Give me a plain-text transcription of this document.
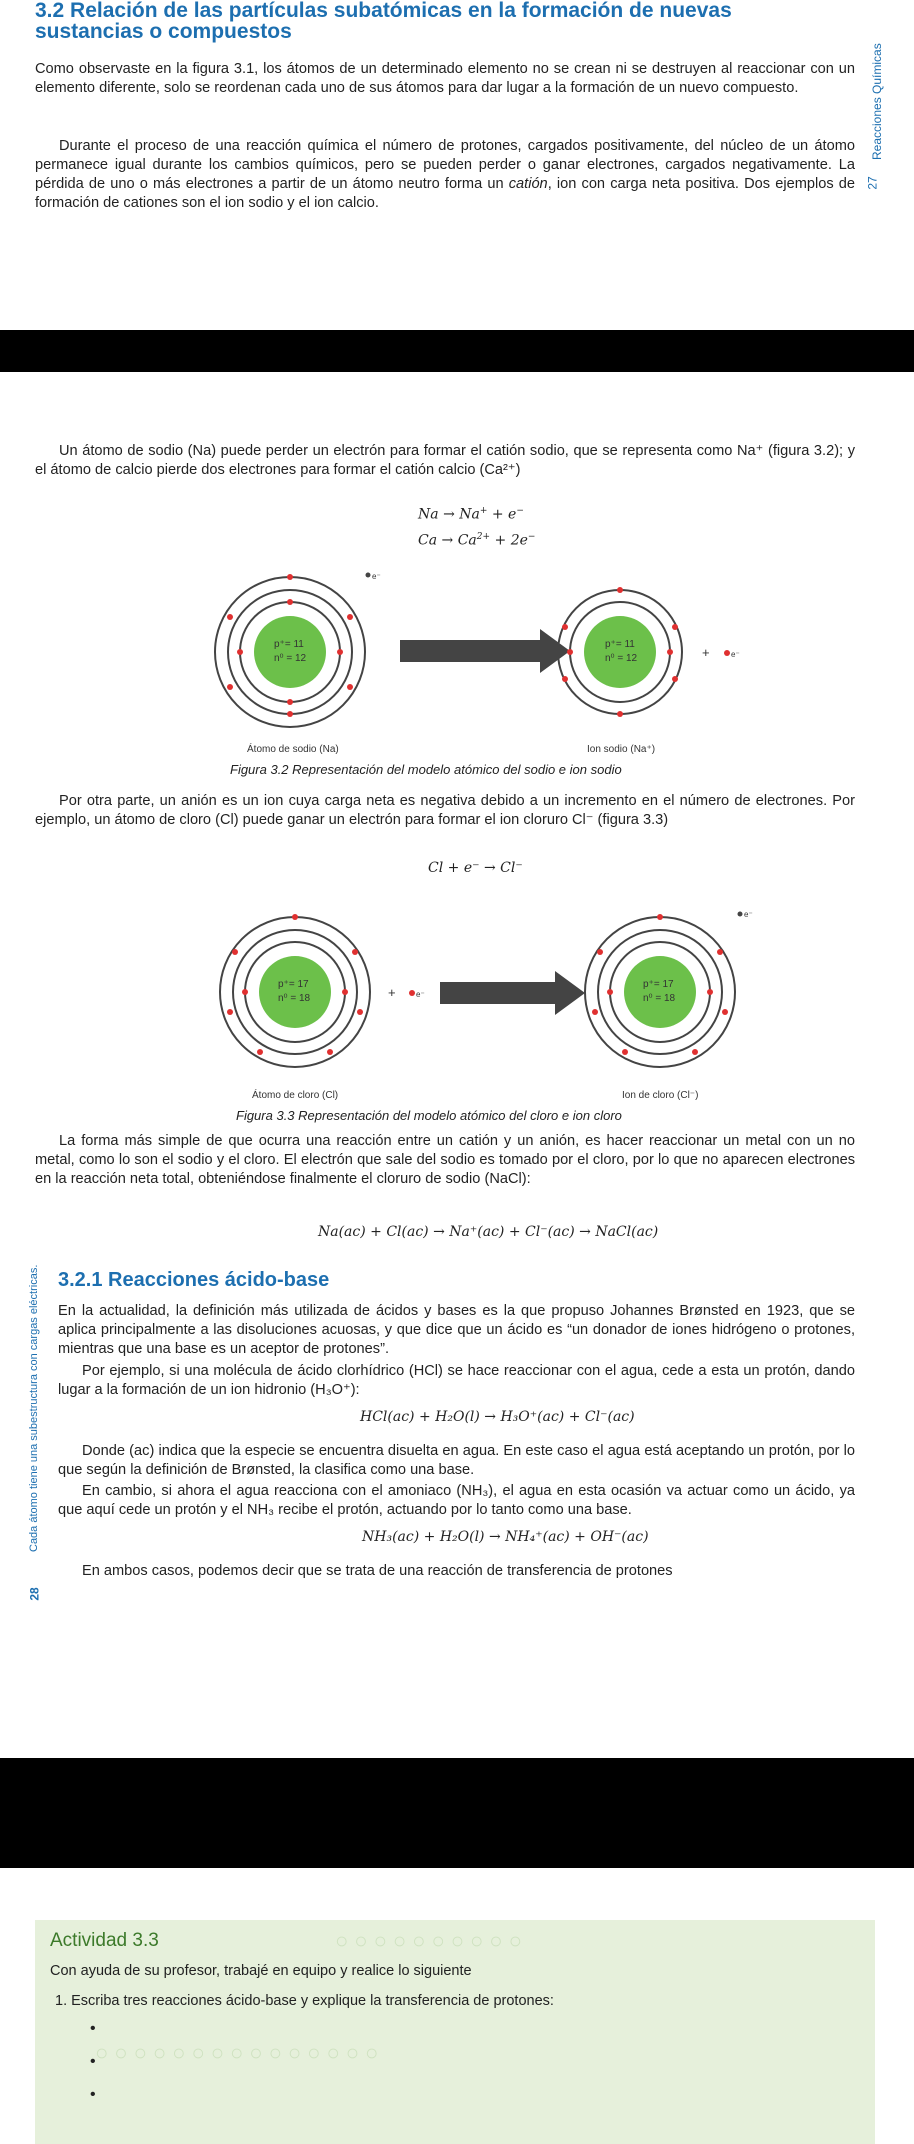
3.2 Relación de las partículas subatómicas en la formación de nuevas
sustancias o compuestos

Como observaste en la figura 3.1, los átomos de un determinado elemento no se crean ni se destruyen al reaccionar con un elemento diferente, solo se reordenan cada uno de sus átomos para dar lugar a la formación de un nuevo compuesto.

Durante el proceso de una reacción química el número de protones, cargados positivamente, del núcleo de un átomo permanece igual durante los cambios químicos, pero se pueden perder o ganar electrones, cargados negativamente. La pérdida de uno o más electrones a partir de un átomo neutro forma un catión, ion con carga neta positiva. Dos ejemplos de formación de cationes son el ion sodio y el ion calcio.

Reacciones Químicas
27

Un átomo de sodio (Na) puede perder un electrón para formar el catión sodio, que se representa como Na⁺ (figura 3.2); y el átomo de calcio pierde dos electrones para formar el catión calcio (Ca²⁺)

Na → Na+ + e−
$Ca \to Ca^{2+} + 2e^-$
p⁺= 11
n⁰ = 12
e⁻
p⁺= 11
n⁰ = 12	+	e⁻
Átomo de sodio (Na)	Ion sodio (Na⁺)
Figura 3.2 Representación del modelo atómico del sodio e ion sodio

Por otra parte, un anión es un ion cuya carga neta es negativa debido a un incremento en el número de electrones. Por ejemplo, un átomo de cloro (Cl) puede ganar un electrón para formar el ion cloruro Cl⁻ (figura 3.3)

Cl + e⁻ → Cl⁻
p⁺= 17
n⁰ = 18	+	e⁻
p⁺= 17
n⁰ = 18
e⁻
Átomo de cloro (Cl)	Ion de cloro (Cl⁻)
Figura 3.3 Representación del modelo atómico del cloro e ion cloro

La forma más simple de que ocurra una reacción entre un catión y un anión, es hacer reaccionar un metal con un no metal, como lo son el sodio y el cloro. El electrón que sale del sodio es tomado por el cloro, por lo que no aparecen electrones en la reacción neta total, obteniéndose finalmente el cloruro de sodio (NaCl):

Na(ac) + Cl(ac) → Na⁺(ac) + Cl⁻(ac) → NaCl(ac)
3.2.1 Reacciones ácido-base

En la actualidad, la definición más utilizada de ácidos y bases es la que propuso Johannes Brønsted en 1923, que se aplica principalmente a las disoluciones acuosas, y que dice que un ácido es “un donador de iones hidrógeno o protones, mientras que una base es un aceptor de protones”.

Por ejemplo, si una molécula de ácido clorhídrico (HCl) se hace reaccionar con el agua, cede a esta un protón, dando lugar a la formación de un ion hidronio (H₃O⁺):

HCl(ac) + H₂O(l) → H₃O⁺(ac) + Cl⁻(ac)

Donde (ac) indica que la especie se encuentra disuelta en agua. En este caso el agua está aceptando un protón, por lo que según la definición de Brønsted, la clasifica como una base.

En cambio, si ahora el agua reacciona con el amoniaco (NH₃), el agua en esta ocasión va actuar como un ácido, ya que aquí cede un protón y el NH₃ recibe el protón, actuando por lo tanto como una base.

NH₃(ac) + H₂O(l) → NH₄⁺(ac) + OH⁻(ac)

En ambos casos, podemos decir que se trata de una reacción de transferencia de protones

Cada átomo tiene una subestructura con cargas eléctricas.
28
○○○○○○○○○○
○○○○○○○○○○○○○○○
Actividad 3.3
Con ayuda de su profesor, trabajé en equipo y realice lo siguiente
1. Escriba tres reacciones ácido-base y explique la transferencia de protones:
•
•
•
